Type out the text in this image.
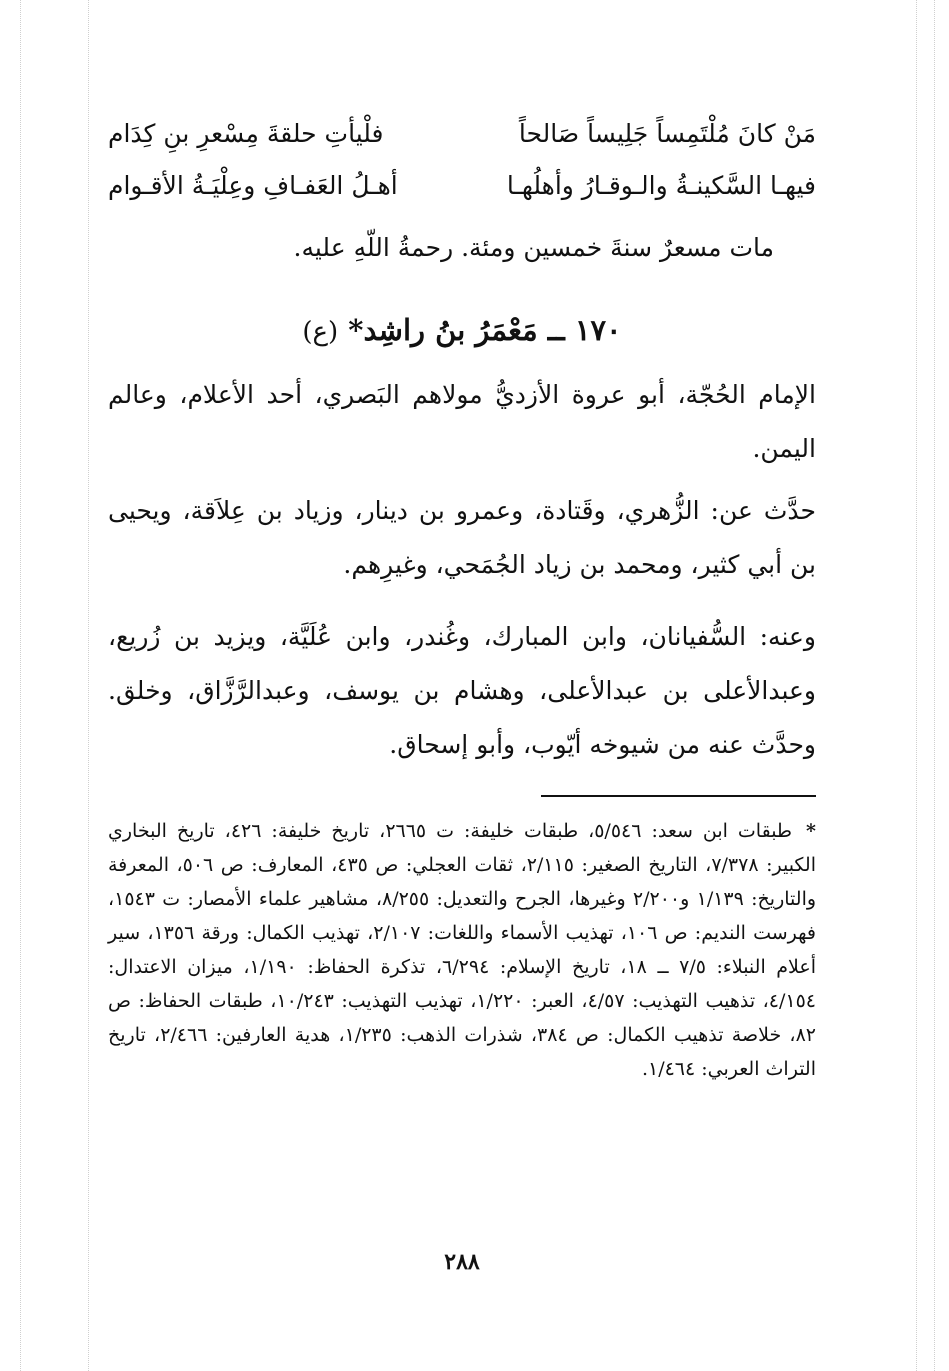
مَنْ كانَ مُلْتَمِساً جَلِيساً صَالحاً
فلْيأتِ حلقةَ مِسْعرِ بنِ كِدَام
فيهـا السَّكينـةُ والـوقـارُ وأهلُهـا
أهـلُ العَفـافِ وعِلْيَـةُ الأقـوام
مات مسعرٌ سنةَ خمسين ومئة. رحمةُ اللّهِ عليه.
١٧٠ ــ مَعْمَرُ بنُ راشِد* (ع)
الإمام الحُجّة، أبو عروة الأزديُّ مولاهم البَصري، أحد الأعلام، وعالم اليمن.
حدَّث عن: الزُّهري، وقَتادة، وعمرو بن دينار، وزياد بن عِلاَقة، ويحيى بن أبي كثير، ومحمد بن زياد الجُمَحي، وغيرِهم.
وعنه: السُّفيانان، وابن المبارك، وغُندر، وابن عُلَيَّة، ويزيد بن زُريع، وعبدالأعلى بن عبدالأعلى، وهشام بن يوسف، وعبدالرَّزَّاق، وخلق. وحدَّث عنه من شيوخه أيّوب، وأبو إسحاق.
*طبقات ابن سعد: ٥/٥٤٦، طبقات خليفة: ت ٢٦٦٥، تاريخ خليفة: ٤٢٦، تاريخ البخاري الكبير: ٧/٣٧٨، التاريخ الصغير: ٢/١١٥، ثقات العجلي: ص ٤٣٥، المعارف: ص ٥٠٦، المعرفة والتاريخ: ١/١٣٩ و٢/٢٠٠ وغيرها، الجرح والتعديل: ٨/٢٥٥، مشاهير علماء الأمصار: ت ١٥٤٣، فهرست النديم: ص ١٠٦، تهذيب الأسماء واللغات: ٢/١٠٧، تهذيب الكمال: ورقة ١٣٥٦، سير أعلام النبلاء: ٧/٥ ــ ١٨، تاريخ الإسلام: ٦/٢٩٤، تذكرة الحفاظ: ١/١٩٠، ميزان الاعتدال: ٤/١٥٤، تذهيب التهذيب: ٤/٥٧، العبر: ١/٢٢٠، تهذيب التهذيب: ١٠/٢٤٣، طبقات الحفاظ: ص ٨٢، خلاصة تذهيب الكمال: ص ٣٨٤، شذرات الذهب: ١/٢٣٥، هدية العارفين: ٢/٤٦٦، تاريخ التراث العربي: ١/٤٦٤.
٢٨٨
